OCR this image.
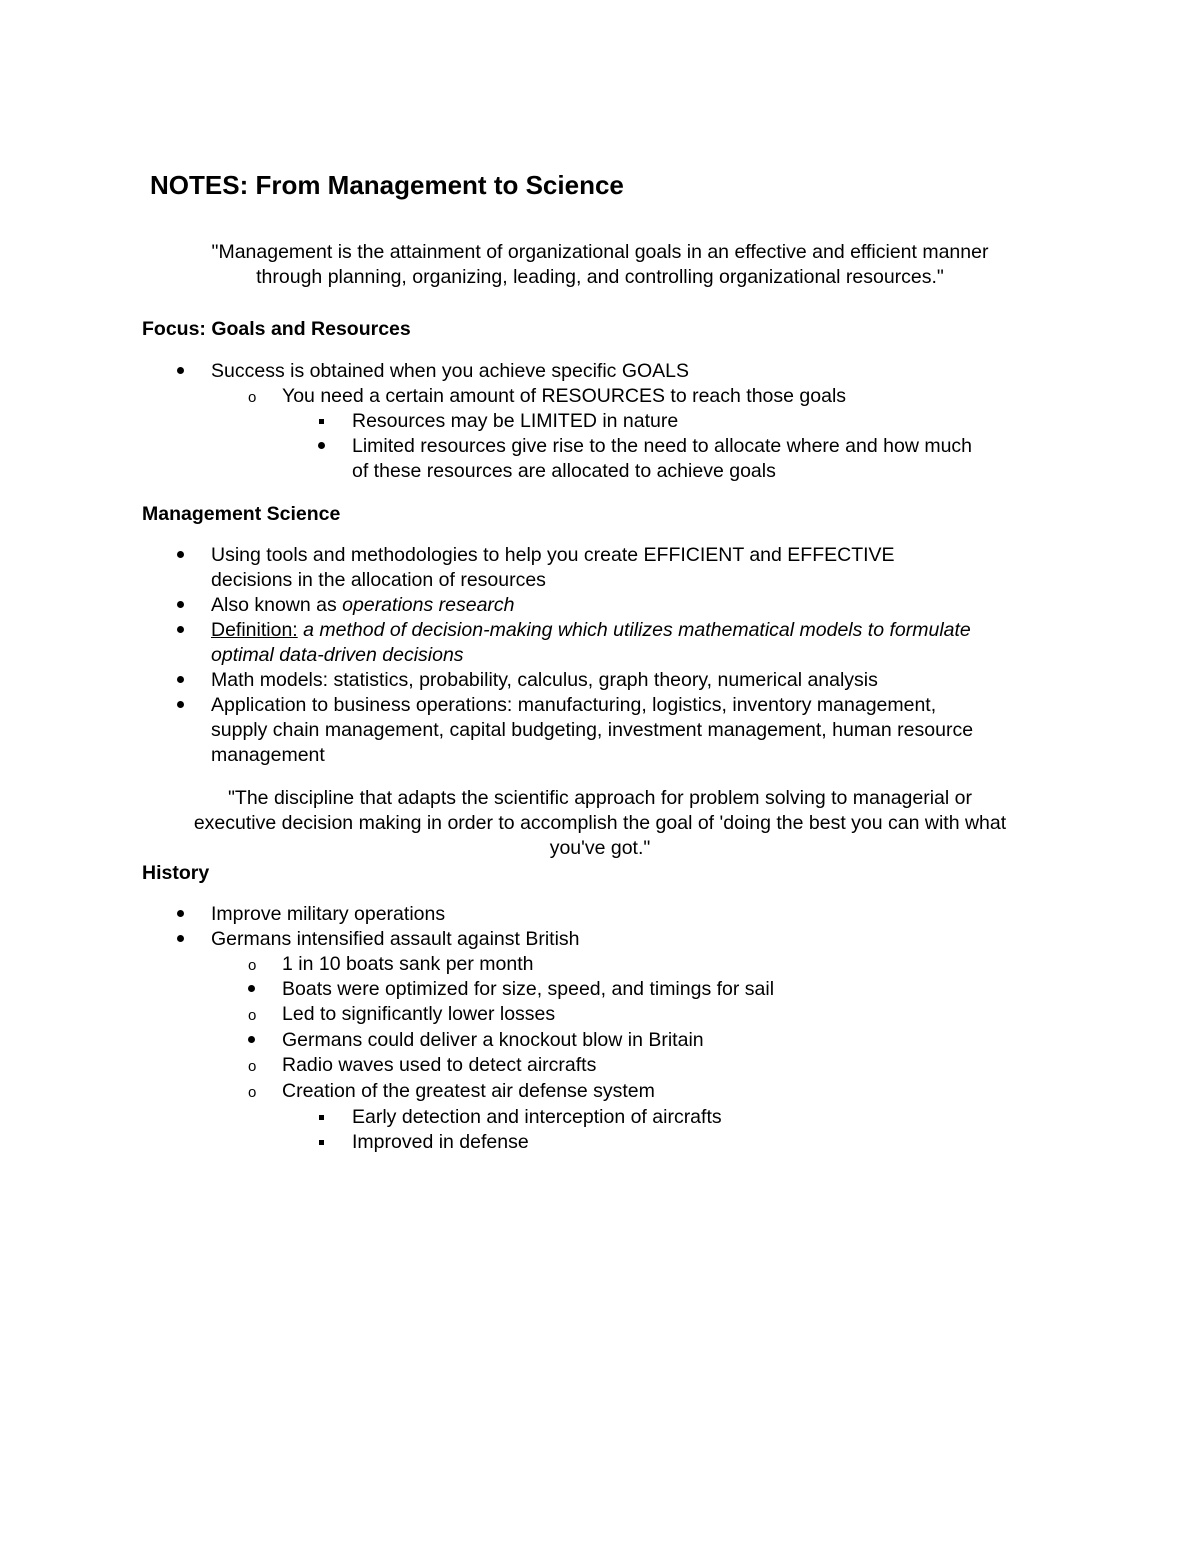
NOTES: From Management to Science
"Management is the attainment of organizational goals in an effective and efficient manner
through planning, organizing, leading, and controlling organizational resources."
Focus: Goals and Resources
Success is obtained when you achieve specific GOALS
o You need a certain amount of RESOURCES to reach those goals
Resources may be LIMITED in nature
Limited resources give rise to the need to allocate where and how much
of these resources are allocated to achieve goals
Management Science
Using tools and methodologies to help you create EFFICIENT and EFFECTIVE
decisions in the allocation of resources
Also known as operations research
Definition: a method of decision-making which utilizes mathematical models to formulate
optimal data-driven decisions
Math models: statistics, probability, calculus, graph theory, numerical analysis
Application to business operations: manufacturing, logistics, inventory management,
supply chain management, capital budgeting, investment management, human resource
management
"The discipline that adapts the scientific approach for problem solving to managerial or
executive decision making in order to accomplish the goal of 'doing the best you can with what
you've got."
History
Improve military operations
Germans intensified assault against British
o 1 in 10 boats sank per month
Boats were optimized for size, speed, and timings for sail
o Led to significantly lower losses
Germans could deliver a knockout blow in Britain
o Radio waves used to detect aircrafts
o Creation of the greatest air defense system
Early detection and interception of aircrafts
Improved in defense
